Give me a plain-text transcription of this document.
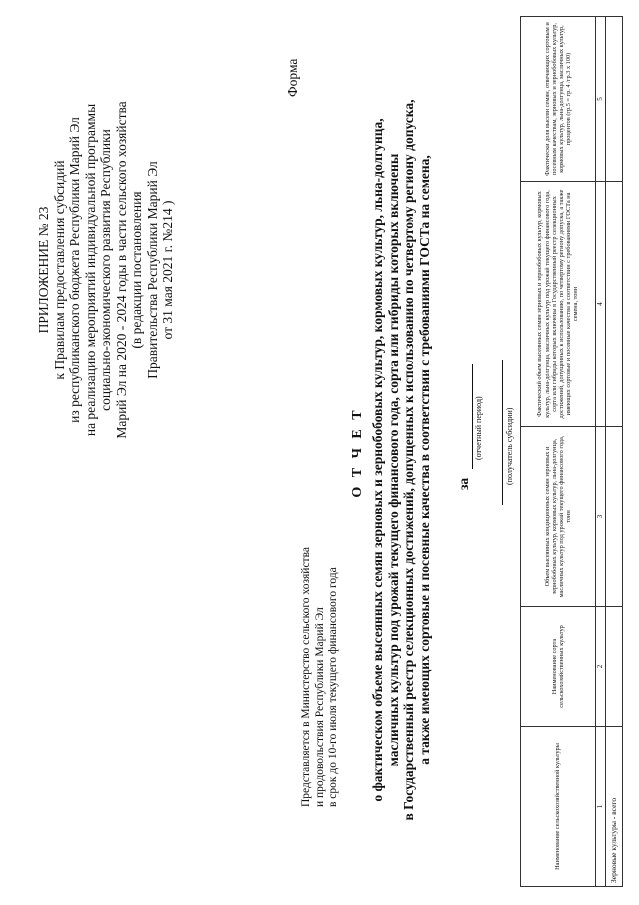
ПРИЛОЖЕНИЕ № 23 к Правилам предоставления субсидий из республиканского бюджета Республики Марий Эл на реализацию мероприятий индивидуальной программы социально-экономического развития Республики Марий Эл на 2020 - 2024 годы в части сельского хозяйства (в редакции постановления Правительства Республики Марий Эл от 31 мая 2021 г. №214 )
Форма
О Т Ч Е Т о фактическом объеме высеянных семян зерновых и зернобобовых культур, кормовых культур, льна-долгунца, масличных культур под урожай текущего финансового года, сорта или гибриды которых включены в Государственный реестр селекционных достижений, допущенных к использованию по четвертому региону допуска, а также имеющих сортовые и посевные качества в соответствии с требованиями ГОСТа на семена, за
(отчетный период)	(получатель субсидии)
Представляется в Министерство сельского хозяйства и продовольствия Республики Марий Эл в срок до 10-го июля текущего финансового года	Наименование сельскохозяйственной культуры	Наименование сорта сельскохозяйственных культур	Объем высеянных кондиционных семян зерновых и зернобобовых культур, кормовых культур, льна-долгунца, масличных культур под урожай текущего финансового года, тонн	Фактический объем высеянных семян зерновых и зернобобовых культур, кормовых культур, льна-долгунца, масличных культур под урожай текущего финансового года, сорта или гибриды которых включены в Государственный реестр селекционных достижений, допущенных к использованию, по четвертому региону допуска, а также имеющих сортовые и посевные качества в соответствии с требованиями ГОСТа на семена, тонн	Фактически доля высеян семян, отвечающих сортовым и посевным качествам, зерновых и зернобобовых культур, кормовых культур, льна-долгунца, масличных культур, процентов (гр.5 = гр. 4 /гр.3 х 100)
1	2	3	4	5
Зерновые культуры - всего				
